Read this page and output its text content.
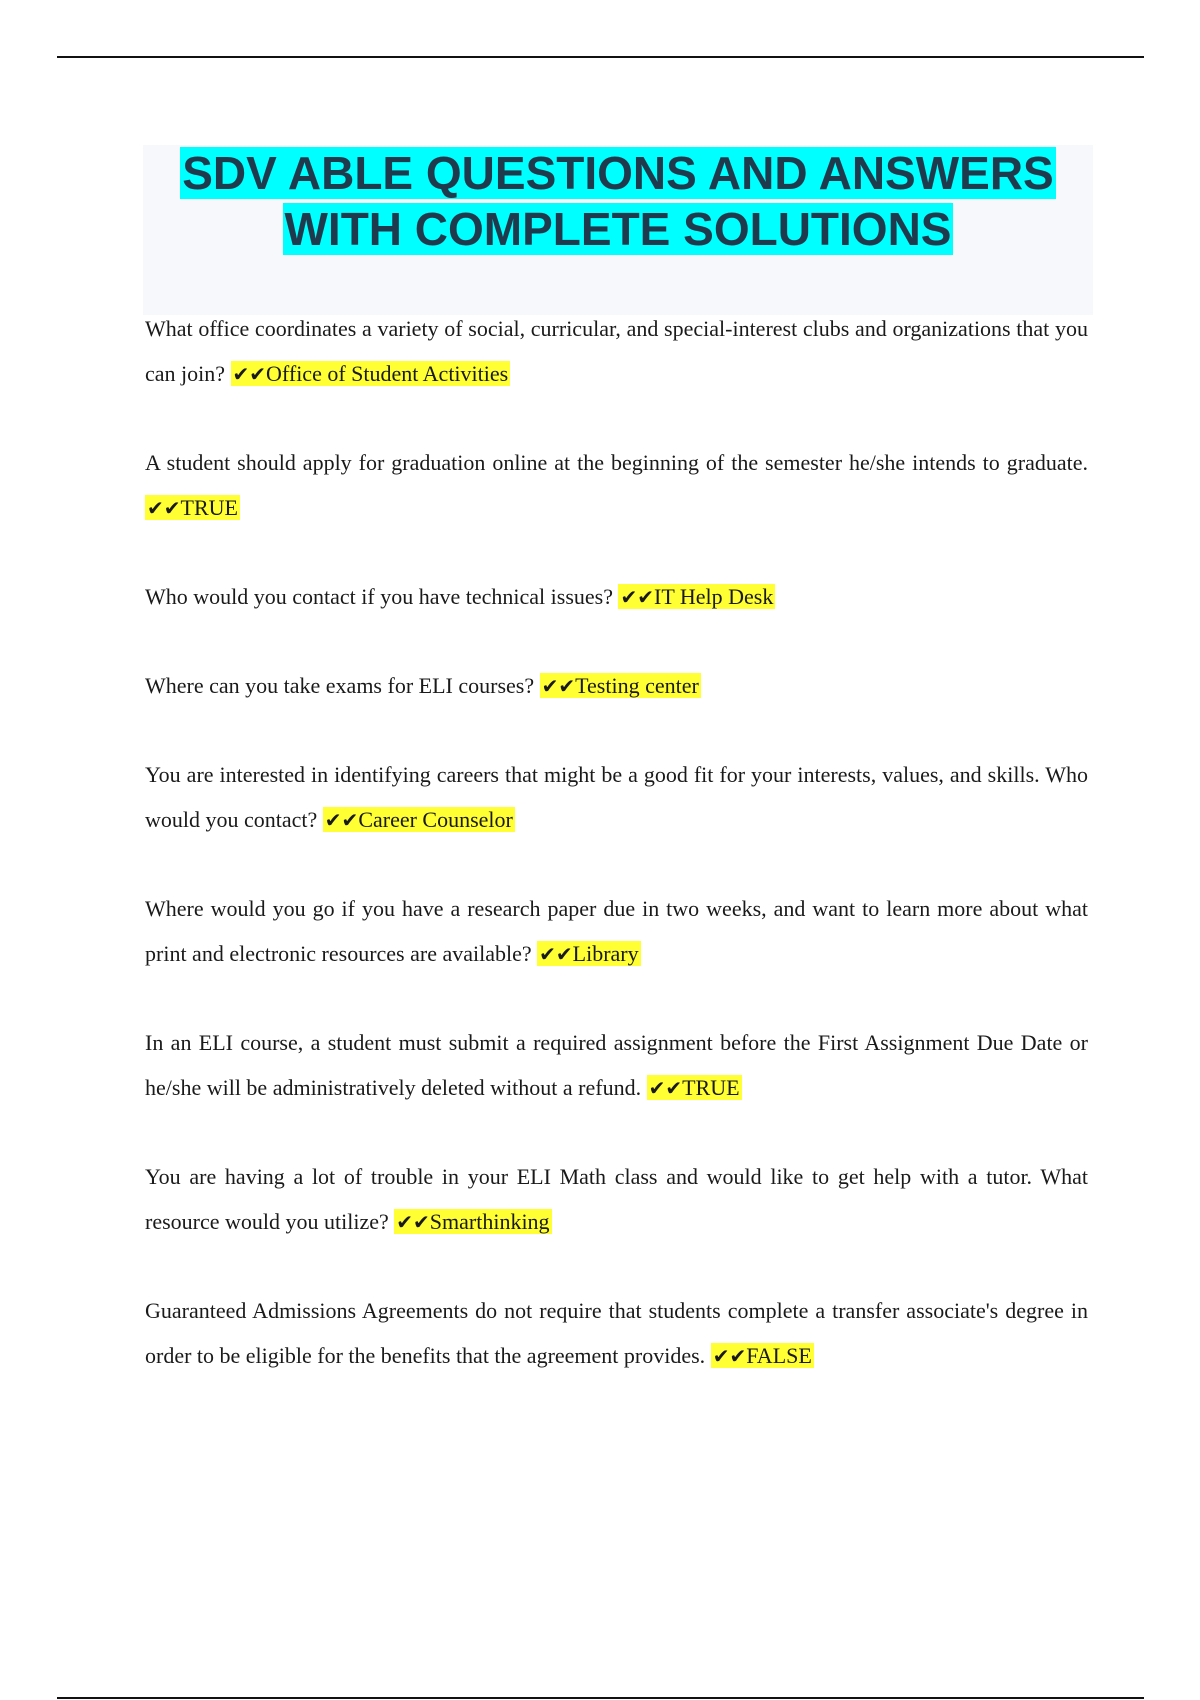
SDV ABLE QUESTIONS AND ANSWERS
WITH COMPLETE SOLUTIONS

What office coordinates a variety of social, curricular, and special-interest clubs and organizations that you can join? ✔✔Office of Student Activities

A student should apply for graduation online at the beginning of the semester he/she intends to graduate. ✔✔TRUE

Who would you contact if you have technical issues? ✔✔IT Help Desk

Where can you take exams for ELI courses? ✔✔Testing center

You are interested in identifying careers that might be a good fit for your interests, values, and skills. Who would you contact? ✔✔Career Counselor

Where would you go if you have a research paper due in two weeks, and want to learn more about what print and electronic resources are available? ✔✔Library

In an ELI course, a student must submit a required assignment before the First Assignment Due Date or he/she will be administratively deleted without a refund. ✔✔TRUE

You are having a lot of trouble in your ELI Math class and would like to get help with a tutor. What resource would you utilize? ✔✔Smarthinking

Guaranteed Admissions Agreements do not require that students complete a transfer associate's degree in order to be eligible for the benefits that the agreement provides. ✔✔FALSE
